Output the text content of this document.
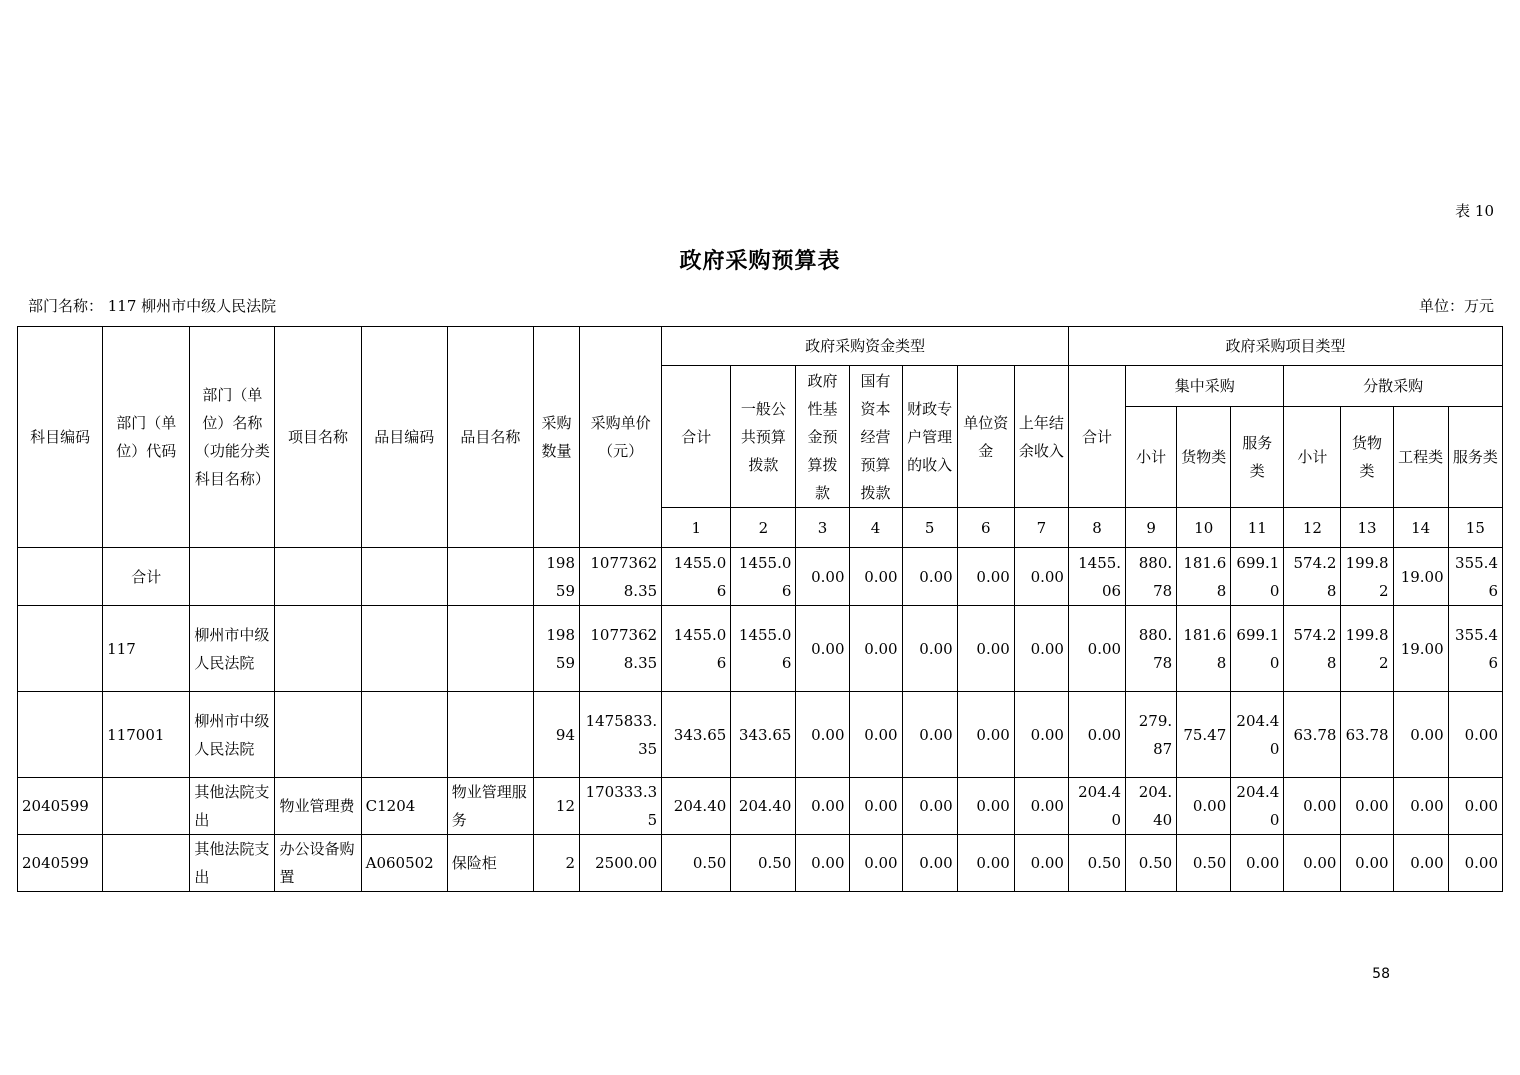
表 10
政府采购预算表
部门名称： 117 柳州市中级人民法院	单位：万元
科目编码	部门（单位）代码	部门（单位）名称（功能分类科目名称）	项目名称	品目编码	品目名称	采购数量	采购单价（元）	政府采购资金类型							政府采购项目类型							
								合计	一般公共预算拨款	政府性基金预算拨款	国有资本经营预算拨款	财政专户管理的收入	单位资金	上年结余收入	合计	集中采购			分散采购			
																小计	货物类	服务类	小计	货物类	工程类	服务类
								1	2	3	4	5	6	7	8	9	10	11	12	13	14	15
	合计					19859	10773628.35	1455.06	1455.06	0.00	0.00	0.00	0.00	0.00	1455.06	880.78	181.68	699.10	574.28	199.82	19.00	355.46
	117	柳州市中级人民法院				19859	10773628.35	1455.06	1455.06	0.00	0.00	0.00	0.00	0.00	0.00	880.78	181.68	699.10	574.28	199.82	19.00	355.46
	117001	柳州市中级人民法院				94	1475833.35	343.65	343.65	0.00	0.00	0.00	0.00	0.00	0.00	279.87	75.47	204.40	63.78	63.78	0.00	0.00
2040599		其他法院支出	物业管理费	C1204	物业管理服务	12	170333.35	204.40	204.40	0.00	0.00	0.00	0.00	0.00	204.40	204.40	0.00	204.40	0.00	0.00	0.00	0.00
2040599		其他法院支出	办公设备购置	A060502	保险柜	2	2500.00	0.50	0.50	0.00	0.00	0.00	0.00	0.00	0.50	0.50	0.50	0.00	0.00	0.00	0.00	0.00
58
